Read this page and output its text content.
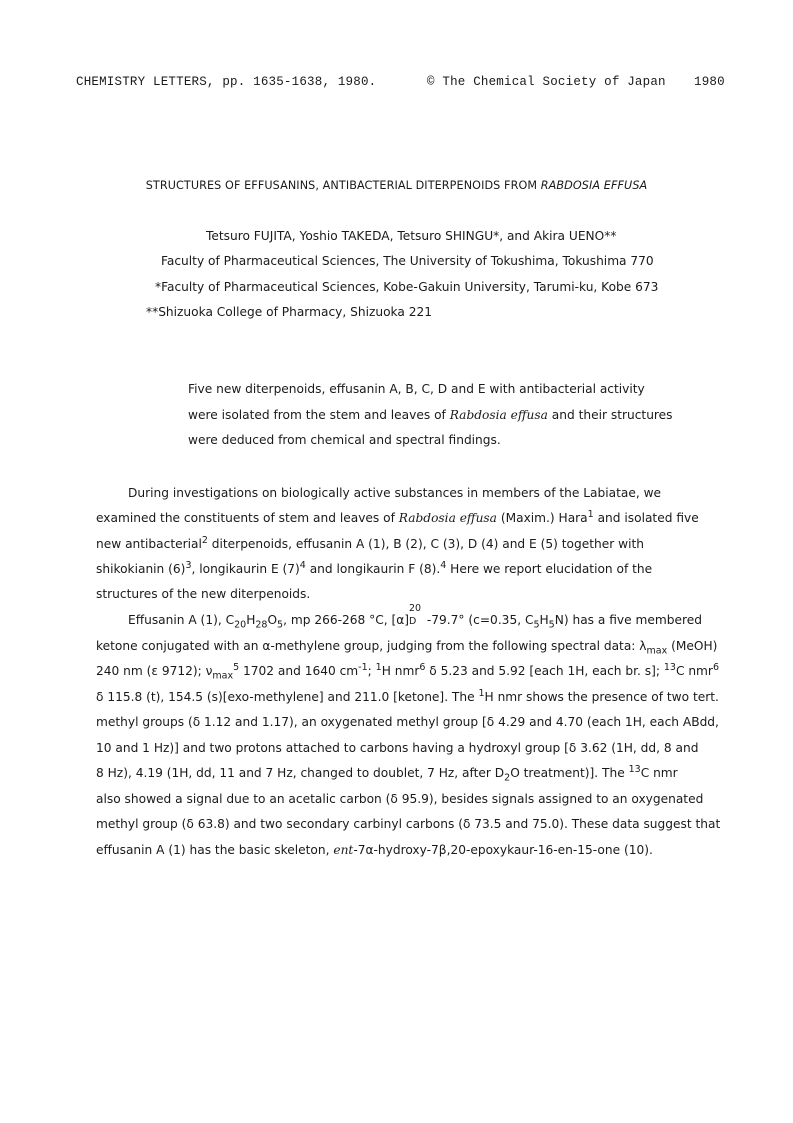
CHEMISTRY LETTERS, pp. 1635-1638, 1980.	© The Chemical Society of Japan 1980
STRUCTURES OF EFFUSANINS, ANTIBACTERIAL DITERPENOIDS FROM RABDOSIA EFFUSA
Tetsuro FUJITA, Yoshio TAKEDA, Tetsuro SHINGU*, and Akira UENO**
Faculty of Pharmaceutical Sciences, The University of Tokushima, Tokushima 770
*Faculty of Pharmaceutical Sciences, Kobe-Gakuin University, Tarumi-ku, Kobe 673
**Shizuoka College of Pharmacy, Shizuoka 221
Five new diterpenoids, effusanin A, B, C, D and E with antibacterial activity
were isolated from the stem and leaves of Rabdosia effusa and their structures
were deduced from chemical and spectral findings.
During investigations on biologically active substances in members of the Labiatae, we
examined the constituents of stem and leaves of Rabdosia effusa (Maxim.) Hara$^1$ and isolated five
new antibacterial$^2$ diterpenoids, effusanin A (1), B (2), C (3), D (4) and E (5) together with
shikokianin $(6)^3$, longikaurin E $(7)^4$ and longikaurin F (8).$^4$ Here we report elucidation of the
structures of the new diterpenoids.
Effusanin A (1), $C_{20}H_{28}O_5$, mp 266-268 °C, [α]
20
D -79.7° (c=0.35, $C_5H_5N$) has a five membered
ketone conjugated with an α-methylene group, judging from the following spectral data: $\lambda_{max}$ (MeOH)
240 nm (ε 9712); $\nu_{max}^5$ 1702 and 1640 $cm^{-1}$; $^1$H nmr$^6$ δ 5.23 and 5.92 [each 1H, each br. s]; $^{13}$C nmr$^6$
δ 115.8 (t), 154.5 (s)[exo-methylene] and 211.0 [ketone]. The $^1$H nmr shows the presence of two tert.
methyl groups (δ 1.12 and 1.17), an oxygenated methyl group [δ 4.29 and 4.70 (each 1H, each ABdd,
10 and 1 Hz)] and two protons attached to carbons having a hydroxyl group [δ 3.62 (1H, dd, 8 and
8 Hz), 4.19 (1H, dd, 11 and 7 Hz, changed to doublet, 7 Hz, after $D_2O$ treatment)]. The $^{13}$C nmr
also showed a signal due to an acetalic carbon (δ 95.9), besides signals assigned to an oxygenated
methyl group (δ 63.8) and two secondary carbinyl carbons (δ 73.5 and 75.0). These data suggest that
effusanin A (1) has the basic skeleton, ent-7α-hydroxy-7β,20-epoxykaur-16-en-15-one (10).
